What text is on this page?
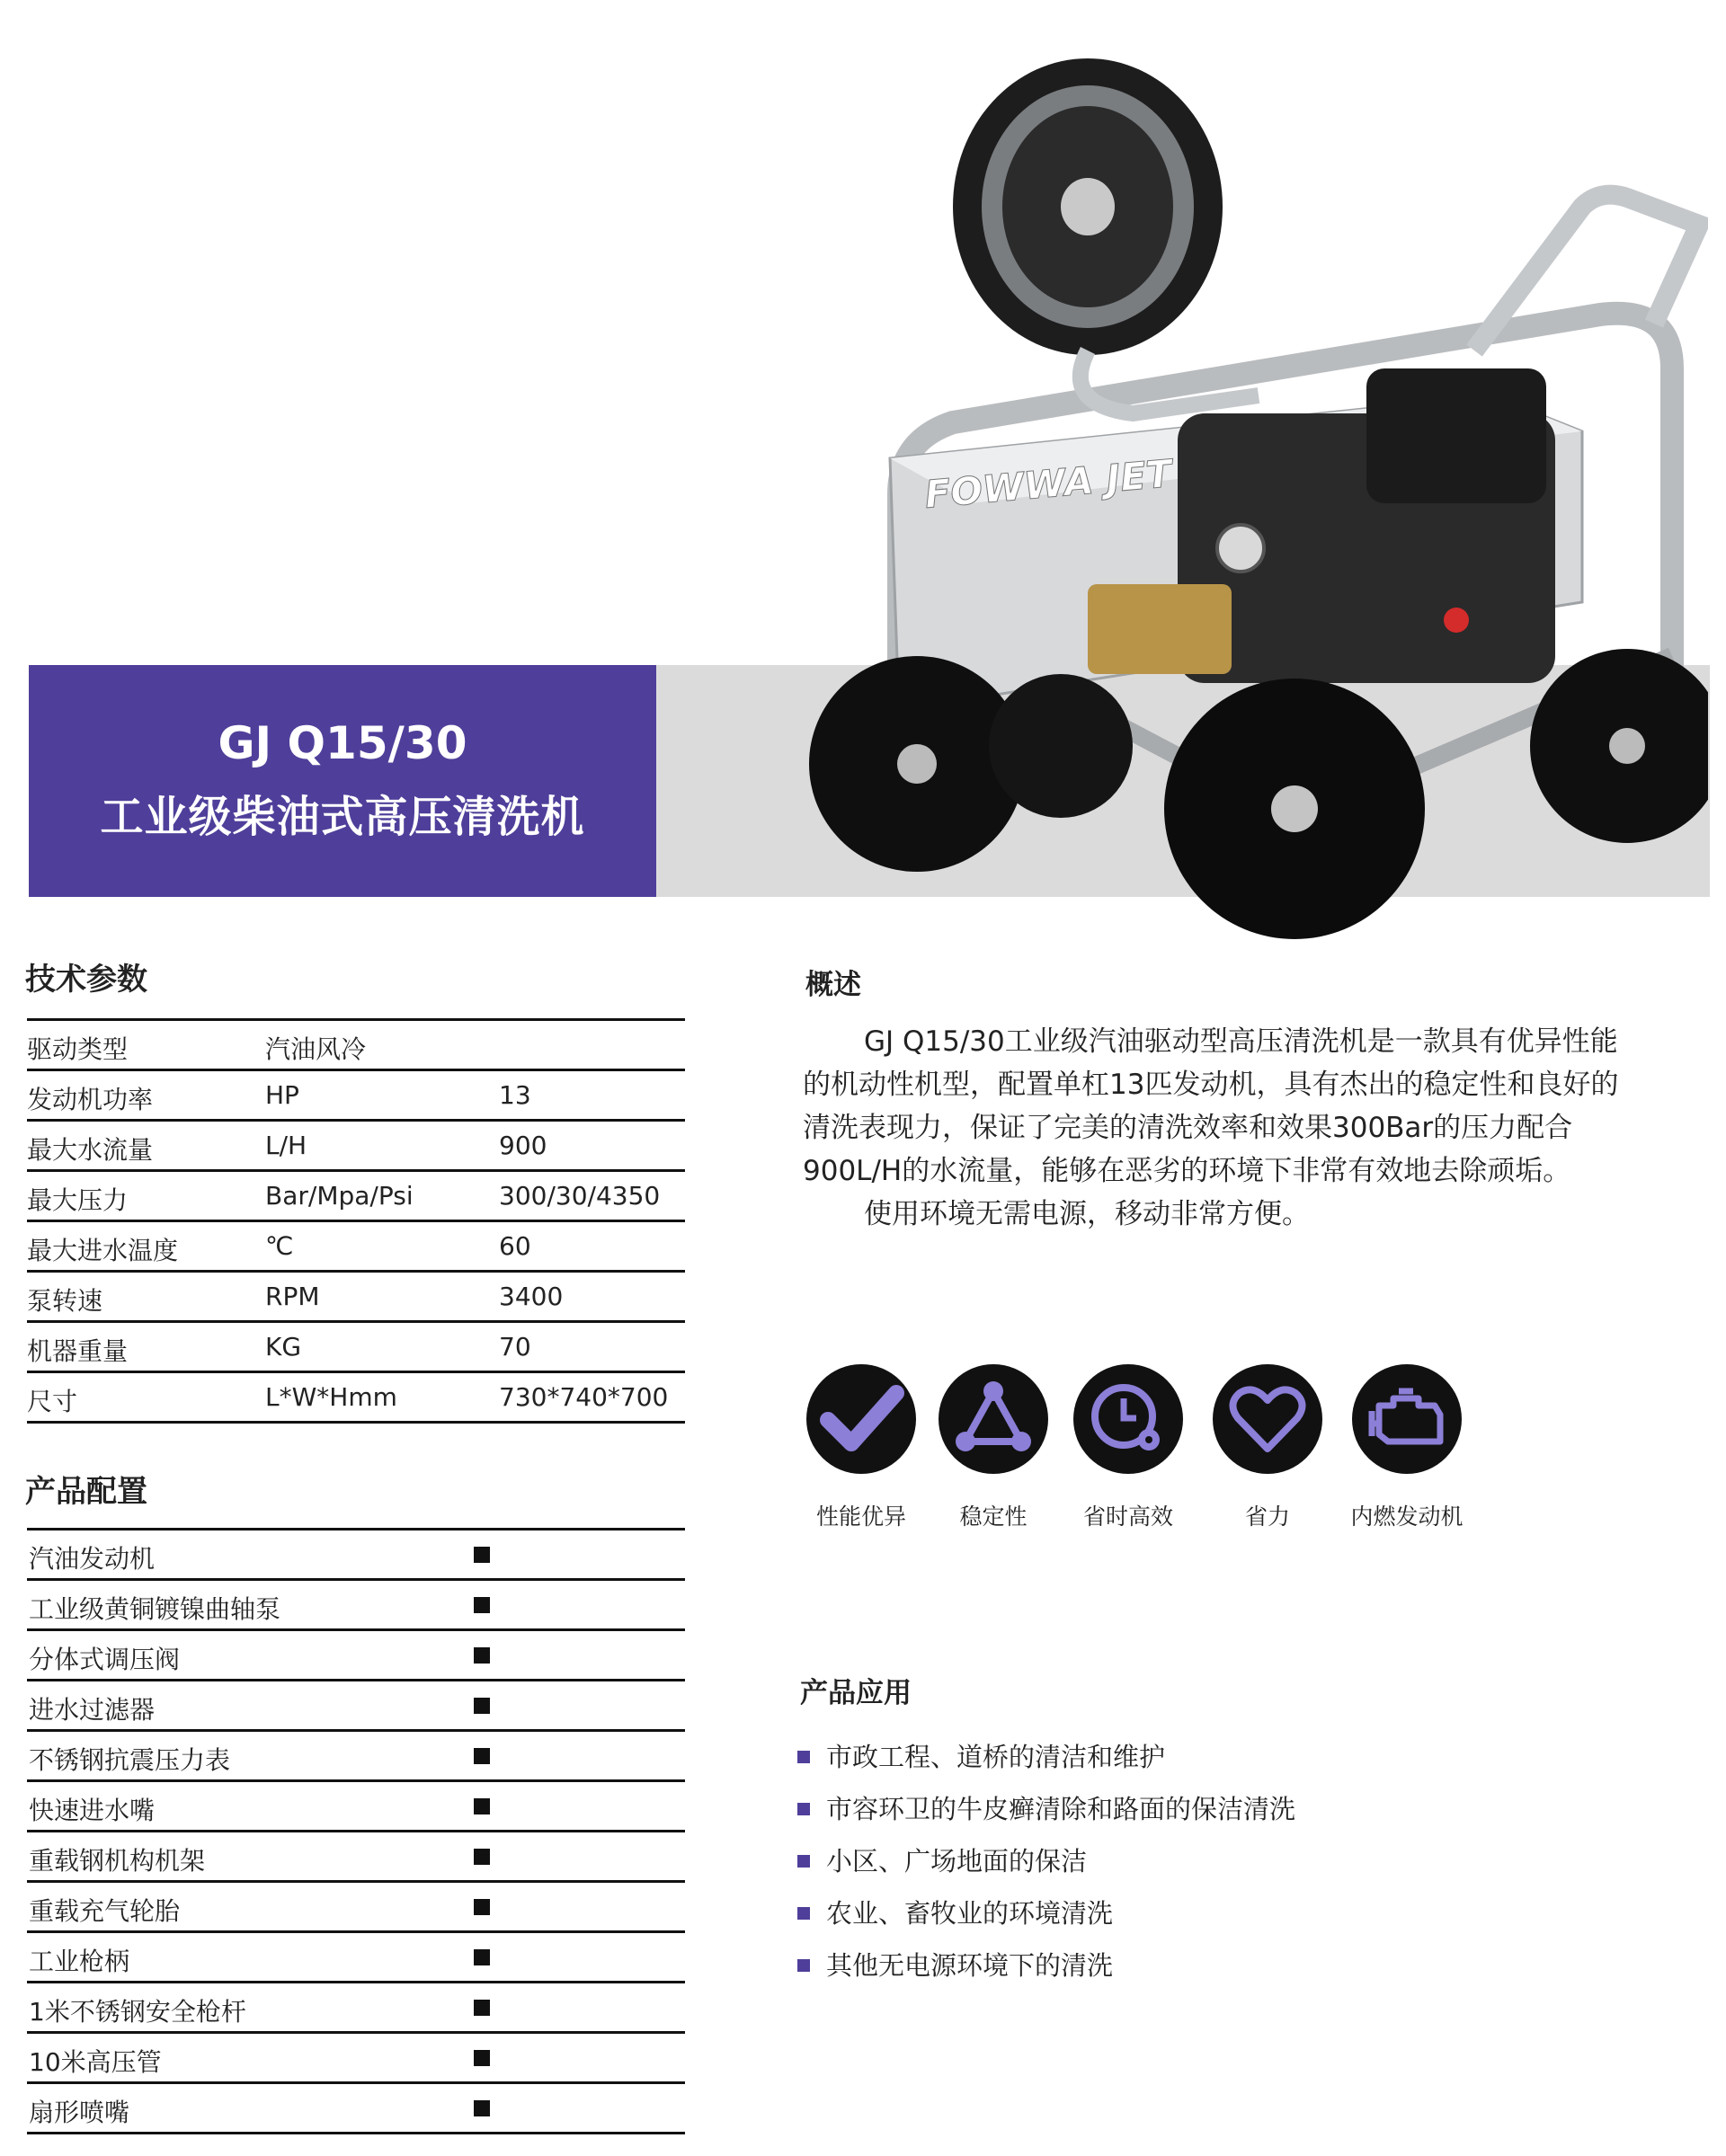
GJ Q15/30
工业级柴油式高压清洗机
FOWWA JET
技术参数
驱动类型	汽油风冷
发动机功率	HP	13
最大水流量	L/H	900
最大压力	Bar/Mpa/Psi	300/30/4350
最大进水温度	℃	60
泵转速	RPM	3400
机器重量	KG	70
尺寸	L*W*Hmm	730*740*700
产品配置
汽油发动机
工业级黄铜镀镍曲轴泵
分体式调压阀
进水过滤器
不锈钢抗震压力表
快速进水嘴
重载钢机构机架
重载充气轮胎
工业枪柄
1米不锈钢安全枪杆
10米高压管
扇形喷嘴
概述

GJ Q15/30工业级汽油驱动型高压清洗机是一款具有优异性能的机动性机型，配置单杠13匹发动机，具有杰出的稳定性和良好的清洗表现力，保证了完美的清洗效率和效果300Bar的压力配合900L/H的水流量，能够在恶劣的环境下非常有效地去除顽垢。

使用环境无需电源，移动非常方便。

性能优异	稳定性	省时高效	省力	内燃发动机
产品应用
市政工程、道桥的清洁和维护
市容环卫的牛皮癣清除和路面的保洁清洗
小区、广场地面的保洁
农业、畜牧业的环境清洗
其他无电源环境下的清洗
